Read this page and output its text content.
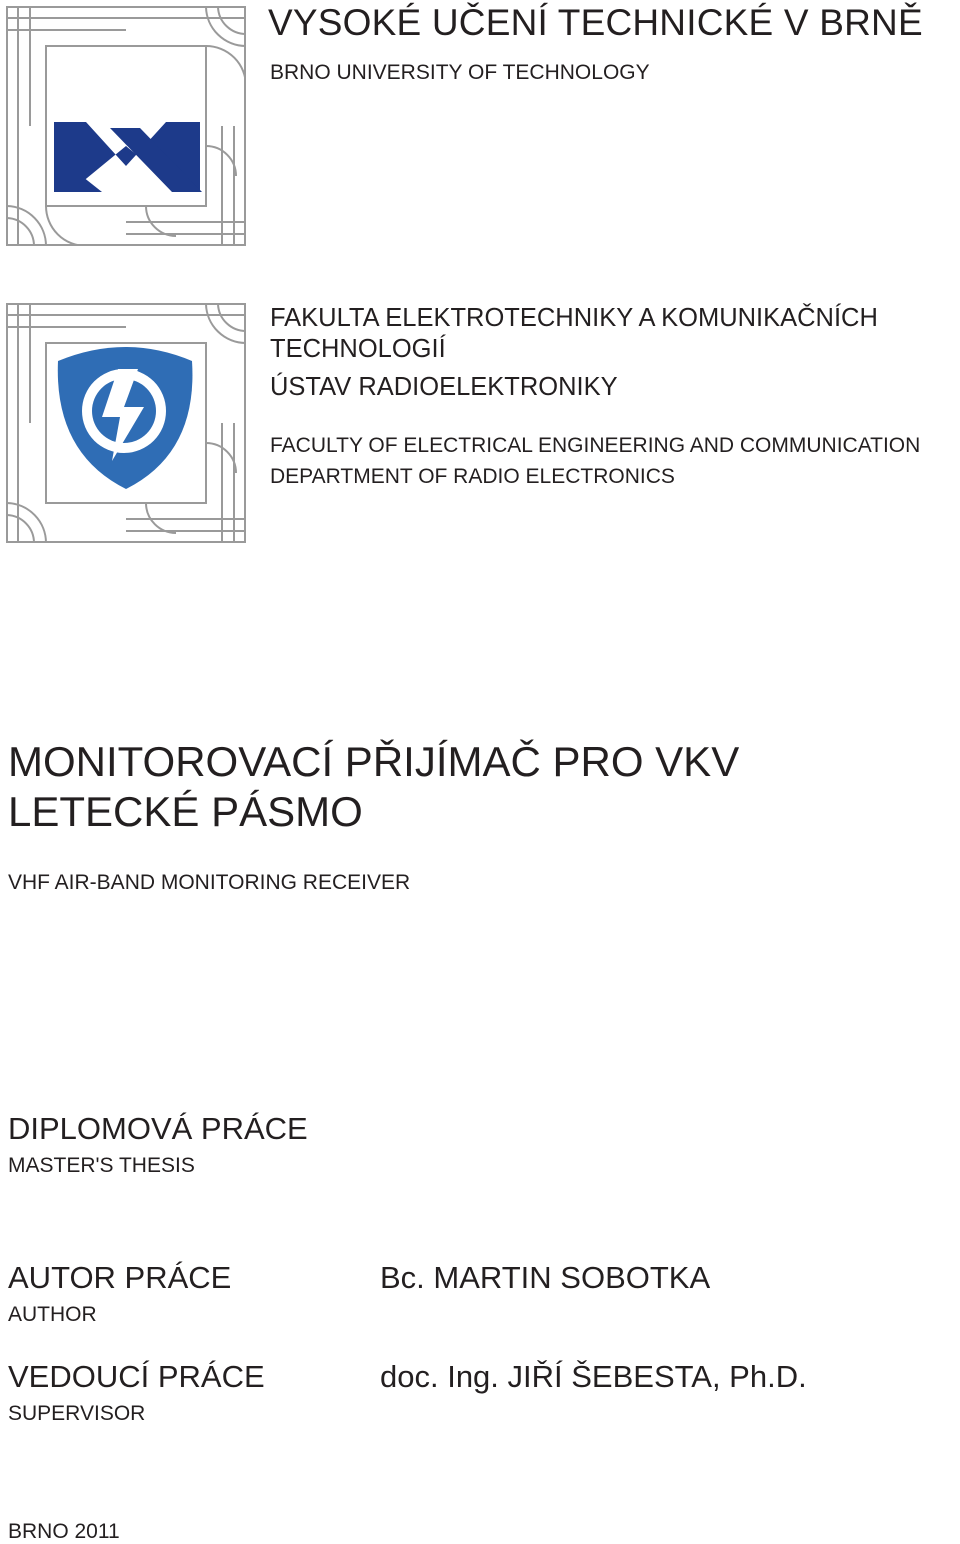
VYSOKÉ UČENÍ TECHNICKÉ V BRNĚ
BRNO UNIVERSITY OF TECHNOLOGY
FAKULTA ELEKTROTECHNIKY A KOMUNIKAČNÍCH
TECHNOLOGIÍ
ÚSTAV RADIOELEKTRONIKY
FACULTY OF ELECTRICAL ENGINEERING AND COMMUNICATION
DEPARTMENT OF RADIO ELECTRONICS
MONITOROVACÍ PŘIJÍMAČ PRO VKV LETECKÉ PÁSMO
VHF AIR-BAND MONITORING RECEIVER
DIPLOMOVÁ PRÁCE
MASTER'S THESIS
AUTOR PRÁCE
AUTHOR
Bc. MARTIN SOBOTKA
VEDOUCÍ PRÁCE
SUPERVISOR
doc. Ing. JIŘÍ ŠEBESTA, Ph.D.
BRNO 2011
